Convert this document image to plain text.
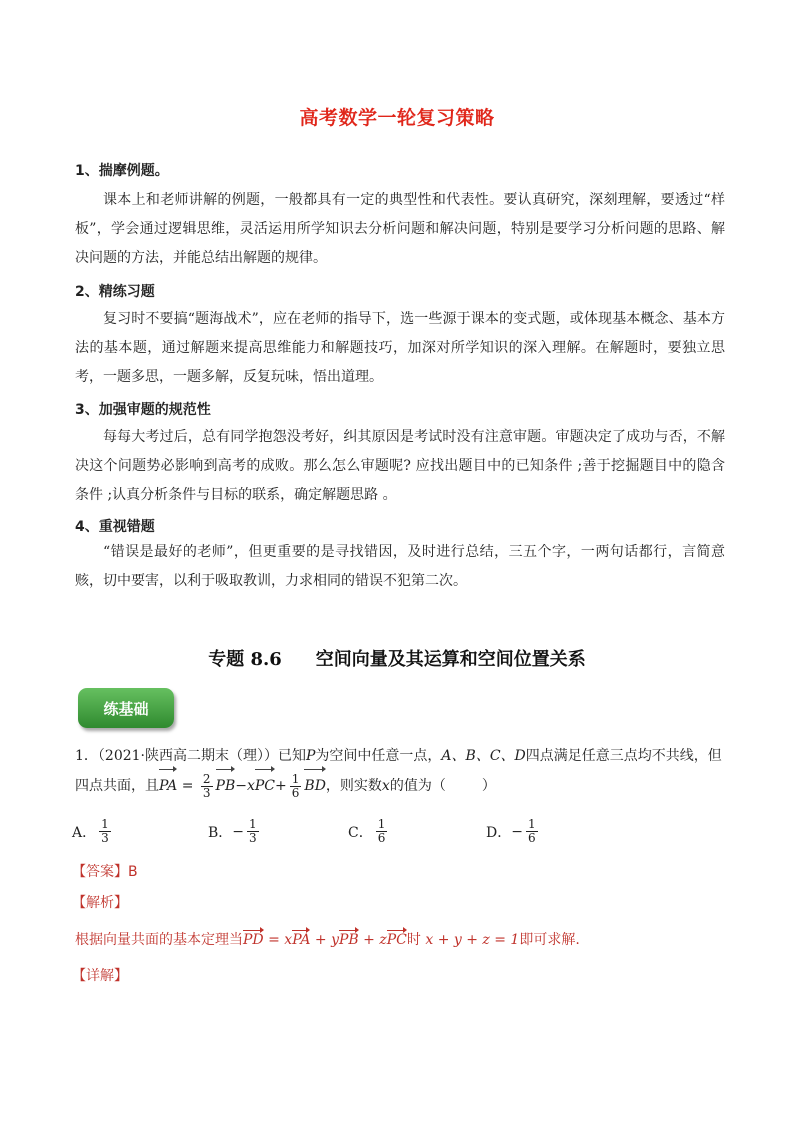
高考数学一轮复习策略
1、揣摩例题。
课本上和老师讲解的例题，一般都具有一定的典型性和代表性。要认真研究，深刻理解，要透过“样板”，学会通过逻辑思维，灵活运用所学知识去分析问题和解决问题，特别是要学习分析问题的思路、解决问题的方法，并能总结出解题的规律。
2、精练习题
复习时不要搞“题海战术”，应在老师的指导下，选一些源于课本的变式题，或体现基本概念、基本方法的基本题，通过解题来提高思维能力和解题技巧，加深对所学知识的深入理解。在解题时，要独立思考，一题多思，一题多解，反复玩味，悟出道理。
3、加强审题的规范性
每每大考过后，总有同学抱怨没考好，纠其原因是考试时没有注意审题。审题决定了成功与否，不解决这个问题势必影响到高考的成败。那么怎么审题呢? 应找出题目中的已知条件 ;善于挖掘题目中的隐含条件 ;认真分析条件与目标的联系，确定解题思路 。
4、重视错题
“错误是最好的老师”，但更重要的是寻找错因，及时进行总结，三五个字，一两句话都行，言简意赅，切中要害，以利于吸取教训，力求相同的错误不犯第二次。
专题 8.6 空间向量及其运算和空间位置关系
练基础
1．（2021·陕西高二期末（理））已知P为空间中任意一点，A、B、C、D四点满足任意三点均不共线，但四点共面，且PA = $\frac{2}{3} PB-xPC+ \frac{1}{6}$ BD，则实数x的值为（	）
A． $\frac{1}{3}$	B． − $\frac{1}{3}$	C． $\frac{1}{6}$	D． − $\frac{1}{6}$
【答案】B
【解析】
根据向量共面的基本定理当PD = xPA + yPB + zPC时 x + y + z = 1即可求解.
【详解】
